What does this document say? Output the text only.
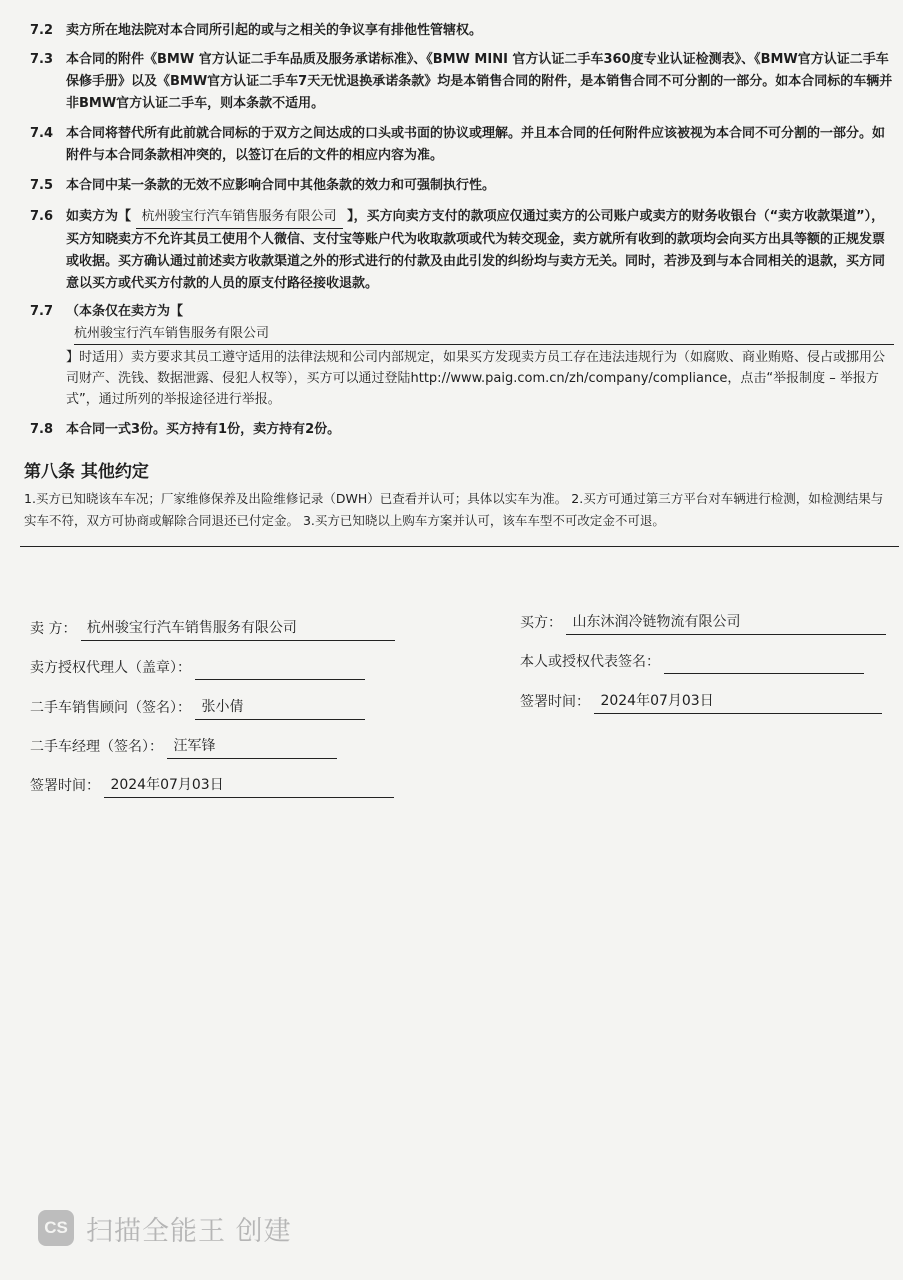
7.2 卖方所在地法院对本合同所引起的或与之相关的争议享有排他性管辖权。
7.3 本合同的附件《BMW 官方认证二手车品质及服务承诺标准》、《BMW MINI 官方认证二手车360度专业认证检测表》、《BMW官方认证二手车保修手册》以及《BMW官方认证二手车7天无忧退换承诺条款》均是本销售合同的附件，是本销售合同不可分割的一部分。如本合同标的车辆并非BMW官方认证二手车，则本条款不适用。
7.4 本合同将替代所有此前就合同标的于双方之间达成的口头或书面的协议或理解。并且本合同的任何附件应该被视为本合同不可分割的一部分。如附件与本合同条款相冲突的，以签订在后的文件的相应内容为准。
7.5 本合同中某一条款的无效不应影响合同中其他条款的效力和可强制执行性。
7.6 如卖方为【 杭州骏宝行汽车销售服务有限公司 】，买方向卖方支付的款项应仅通过卖方的公司账户或卖方的财务收银台（“卖方收款渠道”），买方知晓卖方不允许其员工使用个人微信、支付宝等账户代为收取款项或代为转交现金，卖方就所有收到的款项均会向买方出具等额的正规发票或收据。买方确认通过前述卖方收款渠道之外的形式进行的付款及由此引发的纠纷均与卖方无关。同时，若涉及到与本合同相关的退款，买方同意以买方或代买方付款的人员的原支付路径接收退款。
7.7 （本条仅在卖方为【
杭州骏宝行汽车销售服务有限公司
】时适用）卖方要求其员工遵守适用的法律法规和公司内部规定，如果买方发现卖方员工存在违法违规行为（如腐败、商业贿赂、侵占或挪用公司财产、洗钱、数据泄露、侵犯人权等），买方可以通过登陆http://www.paig.com.cn/zh/company/compliance，点击“举报制度 – 举报方式”，通过所列的举报途径进行举报。
7.8 本合同一式3份。买方持有1份，卖方持有2份。
第八条 其他约定
1.买方已知晓该车车况；厂家维修保养及出险维修记录（DWH）已查看并认可；具体以实车为准。 2.买方可通过第三方平台对车辆进行检测，如检测结果与实车不符，双方可协商或解除合同退还已付定金。 3.买方已知晓以上购车方案并认可，该车车型不可改定金不可退。
卖 方： 杭州骏宝行汽车销售服务有限公司
卖方授权代理人（盖章）：
二手车销售顾问（签名）： 张小倩
二手车经理（签名）： 汪军锋
签署时间： 2024年07月03日
买方： 山东沐润冷链物流有限公司
本人或授权代表签名：
签署时间： 2024年07月03日
CS 扫描全能王 创建
